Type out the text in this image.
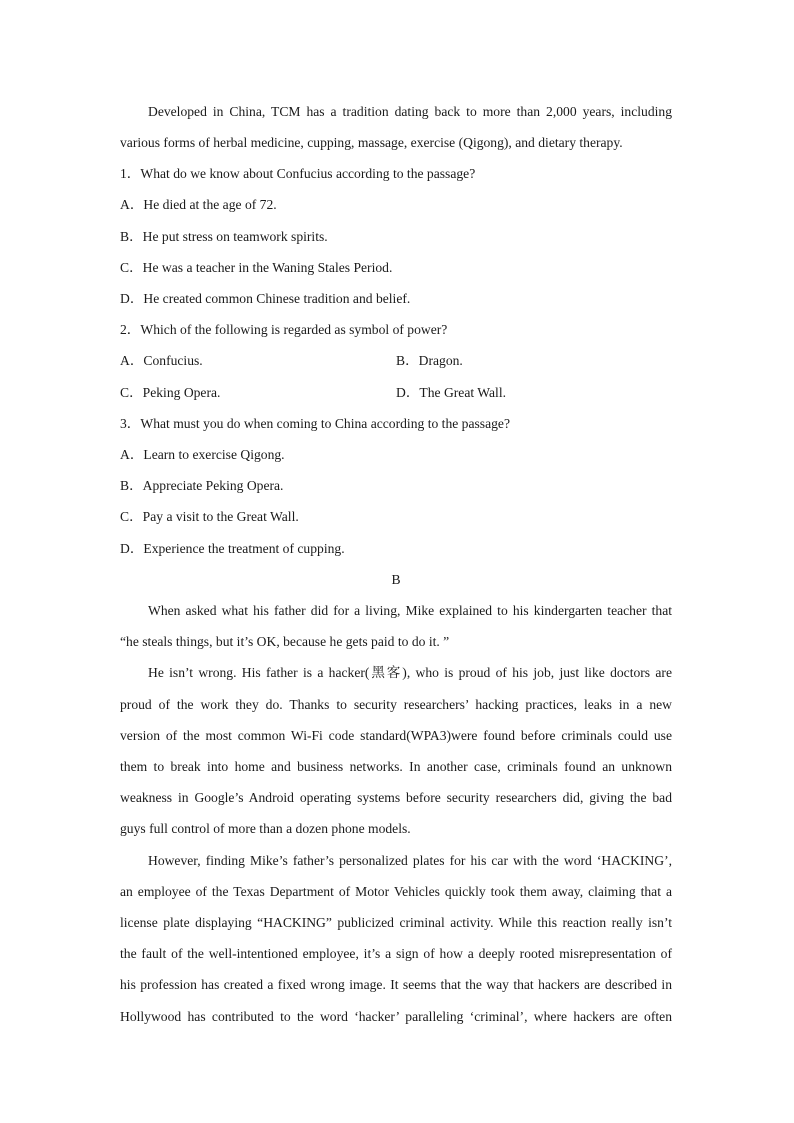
Developed in China, TCM has a tradition dating back to more than 2,000 years, including
various forms of herbal medicine, cupping, massage, exercise (Qigong), and dietary therapy.
1．What do we know about Confucius according to the passage?
A．He died at the age of 72.
B．He put stress on teamwork spirits.
C．He was a teacher in the Waning Stales Period.
D．He created common Chinese tradition and belief.
2．Which of the following is regarded as symbol of power?
A．Confucius.	B．Dragon.
C．Peking Opera.	D．The Great Wall.
3．What must you do when coming to China according to the passage?
A．Learn to exercise Qigong.
B．Appreciate Peking Opera.
C．Pay a visit to the Great Wall.
D．Experience the treatment of cupping.
B
When asked what his father did for a living, Mike explained to his kindergarten teacher that
“he steals things, but it’s OK, because he gets paid to do it. ”
He isn’t wrong. His father is a hacker(黑客), who is proud of his job, just like doctors are
proud of the work they do. Thanks to security researchers’ hacking practices, leaks in a new
version of the most common Wi-Fi code standard(WPA3)were found before criminals could use
them to break into home and business networks. In another case, criminals found an unknown
weakness in Google’s Android operating systems before security researchers did, giving the bad
guys full control of more than a dozen phone models.
However, finding Mike’s father’s personalized plates for his car with the word ‘HACKING’,
an employee of the Texas Department of Motor Vehicles quickly took them away, claiming that a
license plate displaying “HACKING” publicized criminal activity. While this reaction really isn’t
the fault of the well-intentioned employee, it’s a sign of how a deeply rooted misrepresentation of
his profession has created a fixed wrong image. It seems that the way that hackers are described in
Hollywood has contributed to the word ‘hacker’ paralleling ‘criminal’, where hackers are often
